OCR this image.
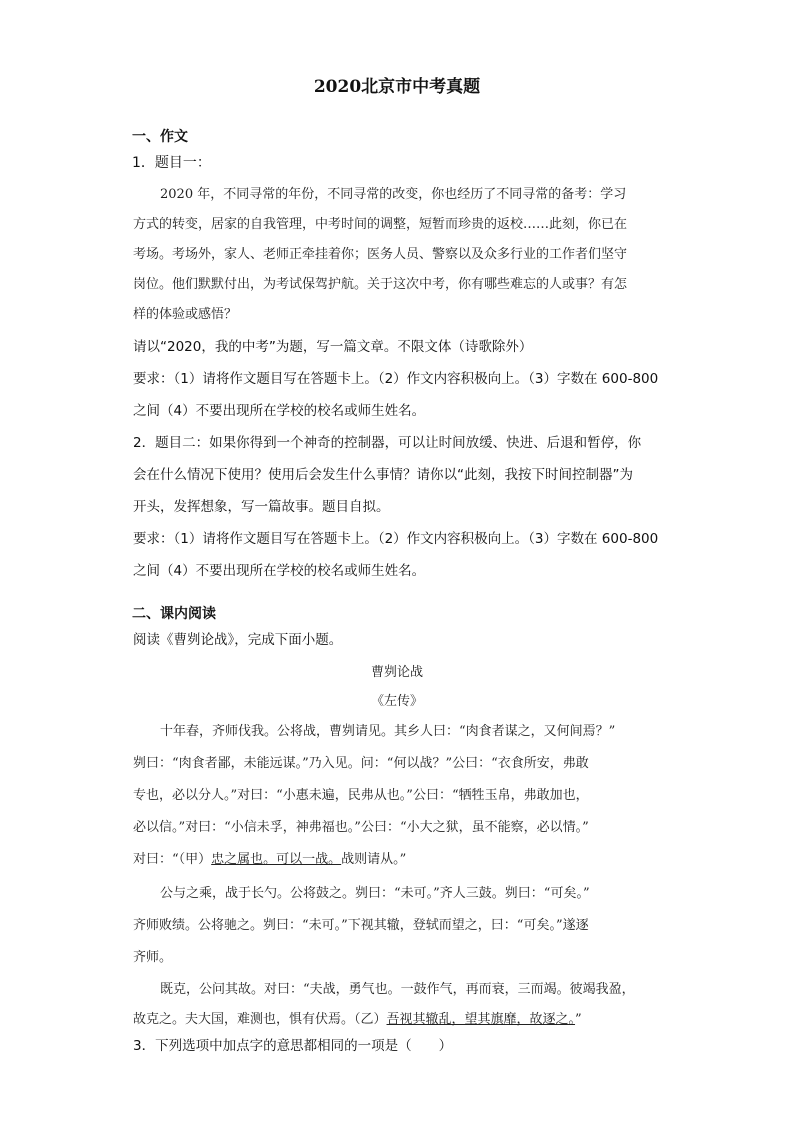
2020北京市中考真题
一、作文
1．题目一：
2020 年，不同寻常的年份，不同寻常的改变，你也经历了不同寻常的备考：学习
方式的转变，居家的自我管理，中考时间的调整，短暂而珍贵的返校……此刻，你已在
考场。考场外，家人、老师正牵挂着你；医务人员、警察以及众多行业的工作者们坚守
岗位。他们默默付出，为考试保驾护航。关于这次中考，你有哪些难忘的人或事？有怎
样的体验或感悟？
请以“2020，我的中考”为题，写一篇文章。不限文体（诗歌除外）
要求：（1）请将作文题目写在答题卡上。（2）作文内容积极向上。（3）字数在 600-800
之间（4）不要出现所在学校的校名或师生姓名。
2．题目二：如果你得到一个神奇的控制器，可以让时间放缓、快进、后退和暂停，你
会在什么情况下使用？使用后会发生什么事情？请你以“此刻，我按下时间控制器”为
开头，发挥想象，写一篇故事。题目自拟。
要求：（1）请将作文题目写在答题卡上。（2）作文内容积极向上。（3）字数在 600-800
之间（4）不要出现所在学校的校名或师生姓名。
二、课内阅读
阅读《曹刿论战》，完成下面小题。
曹刿论战
《左传》
十年春，齐师伐我。公将战，曹刿请见。其乡人曰：“肉食者谋之，又何间焉？”
刿曰：“肉食者鄙，未能远谋。”乃入见。问：“何以战？”公曰：“衣食所安，弗敢
专也，必以分人。”对曰：“小惠未遍，民弗从也。”公曰：“牺牲玉帛，弗敢加也，
必以信。”对曰：“小信未孚，神弗福也。”公曰：“小大之狱，虽不能察，必以情。”
对曰：“（甲）忠之属也。可以一战。战则请从。”
公与之乘，战于长勺。公将鼓之。刿曰：“未可。”齐人三鼓。刿曰：“可矣。”
齐师败绩。公将驰之。刿曰：“未可。”下视其辙，登轼而望之，曰：“可矣。”遂逐
齐师。
既克，公问其故。对曰：“夫战，勇气也。一鼓作气，再而衰，三而竭。彼竭我盈，
故克之。夫大国，难测也，惧有伏焉。（乙）吾视其辙乱，望其旗靡，故逐之。”
3．下列选项中加点字的意思都相同的一项是（　　）
